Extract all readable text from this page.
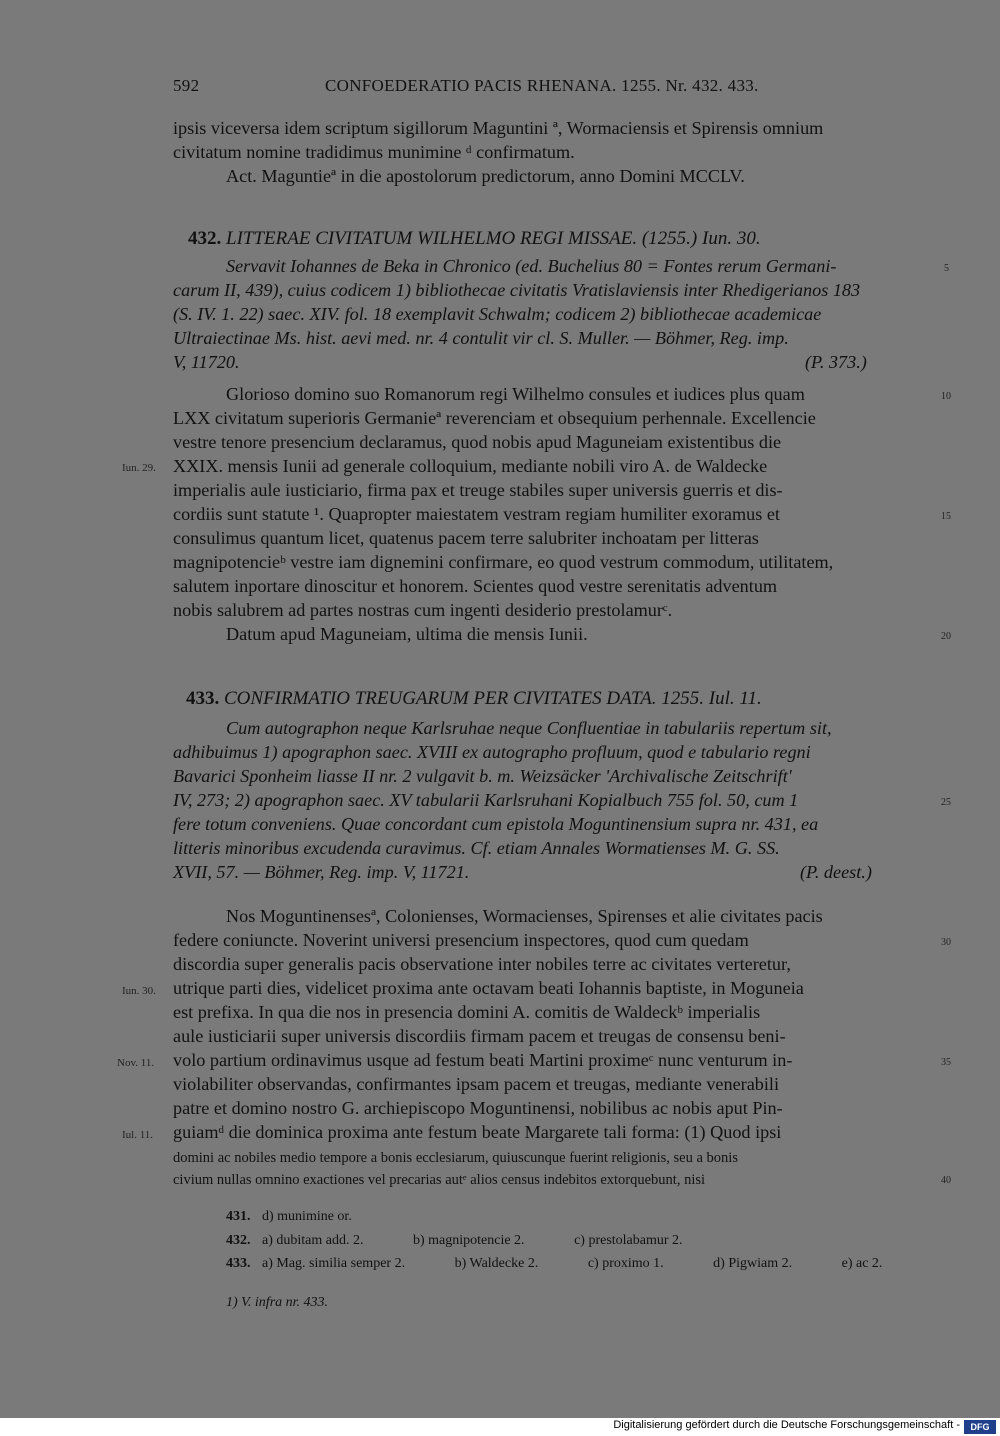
592	CONFOEDERATIO PACIS RHENANA. 1255. Nr. 432. 433.
ipsis viceversa idem scriptum sigillorum Maguntini ª, Wormaciensis et Spirensis omnium
civitatum nomine tradidimus munimine ᵈ confirmatum.
Act. Maguntieª in die apostolorum predictorum, anno Domini MCCLV.
432. LITTERAE CIVITATUM WILHELMO REGI MISSAE. (1255.) Iun. 30.
Servavit Iohannes de Beka in Chronico (ed. Buchelius 80 = Fontes rerum Germani-
carum II, 439), cuius codicem 1) bibliothecae civitatis Vratislaviensis inter Rhedigerianos 183
(S. IV. 1. 22) saec. XIV. fol. 18 exemplavit Schwalm; codicem 2) bibliothecae academicae
Ultraiectinae Ms. hist. aevi med. nr. 4 contulit vir cl. S. Muller. — Böhmer, Reg. imp.
V, 11720.	(P. 373.)
Glorioso domino suo Romanorum regi Wilhelmo consules et iudices plus quam
LXX civitatum superioris Germanieª reverenciam et obsequium perhennale. Excellencie
vestre tenore presencium declaramus, quod nobis apud Maguneiam existentibus die
XXIX. mensis Iunii ad generale colloquium, mediante nobili viro A. de Waldecke
imperialis aule iusticiario, firma pax et treuge stabiles super universis guerris et dis-
cordiis sunt statute ¹. Quapropter maiestatem vestram regiam humiliter exoramus et
consulimus quantum licet, quatenus pacem terre salubriter inchoatam per litteras
magnipotencieᵇ vestre iam dignemini confirmare, eo quod vestrum commodum, utilitatem,
salutem inportare dinoscitur et honorem. Scientes quod vestre serenitatis adventum
nobis salubrem ad partes nostras cum ingenti desiderio prestolamurᶜ.
Datum apud Maguneiam, ultima die mensis Iunii.
Iun. 29.
433. CONFIRMATIO TREUGARUM PER CIVITATES DATA. 1255. Iul. 11.
Cum autographon neque Karlsruhae neque Confluentiae in tabulariis repertum sit,
adhibuimus 1) apographon saec. XVIII ex autographo profluum, quod e tabulario regni
Bavarici Sponheim liasse II nr. 2 vulgavit b. m. Weizsäcker 'Archivalische Zeitschrift'
IV, 273; 2) apographon saec. XV tabularii Karlsruhani Kopialbuch 755 fol. 50, cum 1
fere totum conveniens. Quae concordant cum epistola Moguntinensium supra nr. 431, ea
litteris minoribus excudenda curavimus. Cf. etiam Annales Wormatienses M. G. SS.
XVII, 57. — Böhmer, Reg. imp. V, 11721.	(P. deest.)
Nos Moguntinensesª, Colonienses, Wormacienses, Spirenses et alie civitates pacis
federe coniuncte. Noverint universi presencium inspectores, quod cum quedam
discordia super generalis pacis observatione inter nobiles terre ac civitates verteretur,
utrique parti dies, videlicet proxima ante octavam beati Iohannis baptiste, in Moguneia
est prefixa. In qua die nos in presencia domini A. comitis de Waldeckᵇ imperialis
aule iusticiarii super universis discordiis firmam pacem et treugas de consensu beni-
volo partium ordinavimus usque ad festum beati Martini proximeᶜ nunc venturum in-
violabiliter observandas, confirmantes ipsam pacem et treugas, mediante venerabili
patre et domino nostro G. archiepiscopo Moguntinensi, nobilibus ac nobis aput Pin-
guiamᵈ die dominica proxima ante festum beate Margarete tali forma: (1) Quod ipsi
domini ac nobiles medio tempore a bonis ecclesiarum, quiuscunque fuerint religionis, seu a bonis
civium nullas omnino exactiones vel precarias autᵉ alios census indebitos extorquebunt, nisi
Iun. 30.
Nov. 11.
Iul. 11.
5
10
15
20
25
30
35
40
431. d) munimine or.
432. a) dubitam add. 2.	b) magnipotencie 2.	c) prestolabamur 2.
433. a) Mag. similia semper 2.	b) Waldecke 2.	c) proximo 1.	d) Pigwiam 2.	e) ac 2.
1) V. infra nr. 433.
Digitalisierung gefördert durch die Deutsche Forschungsgemeinschaft -	DFG
